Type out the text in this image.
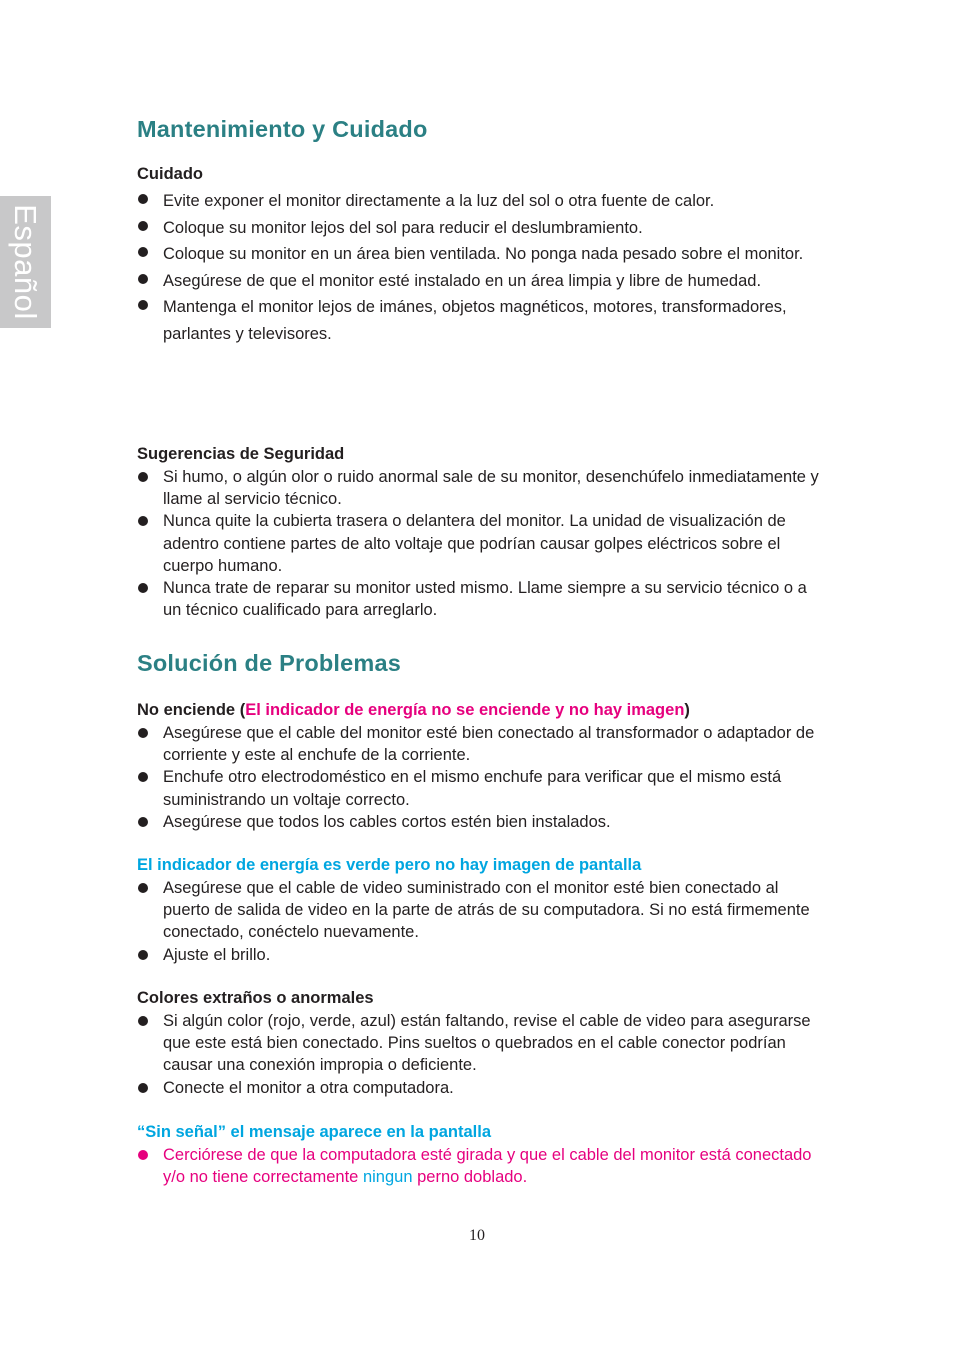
Español
Mantenimiento y Cuidado
Cuidado
Evite exponer el monitor directamente a la luz del sol o otra fuente de calor.
Coloque su monitor lejos del sol para reducir el deslumbramiento.
Coloque su monitor en un área bien ventilada. No ponga nada pesado sobre el monitor.
Asegúrese de que el monitor esté instalado en un área limpia y libre de humedad.
Mantenga el monitor lejos de imánes, objetos magnéticos, motores, transformadores, parlantes y televisores.
Sugerencias de Seguridad
Si humo, o algún olor o ruido anormal sale de su monitor, desenchúfelo inmediatamente y llame al servicio técnico.
Nunca quite la cubierta trasera o delantera del monitor. La unidad de visualización de adentro contiene partes de alto voltaje que podrían causar golpes eléctricos sobre el cuerpo humano.
Nunca trate de reparar su monitor usted mismo. Llame siempre a su servicio técnico o a un técnico cualificado para arreglarlo.
Solución de Problemas
No enciende (El indicador de energía no se enciende y no hay imagen)
Asegúrese que el cable del monitor esté bien conectado al transformador o adaptador de corriente y este al enchufe de la corriente.
Enchufe otro electrodoméstico en el mismo enchufe para verificar que el mismo está suministrando un voltaje correcto.
Asegúrese que todos los cables cortos estén bien instalados.
El indicador de energía es verde pero no hay imagen de pantalla
Asegúrese que el cable de video suministrado con el monitor esté bien conectado al puerto de salida de video en la parte de atrás de su computadora. Si no está firmemente conectado, conéctelo nuevamente.
Ajuste el brillo.
Colores extraños o anormales
Si algún color (rojo, verde, azul) están faltando, revise el cable de video para asegurarse que este está bien conectado. Pins sueltos o quebrados en el cable conector podrían causar una conexión impropia o deficiente.
Conecte el monitor a otra computadora.
“Sin señal” el mensaje aparece en la pantalla
Cerciórese de que la computadora esté girada y que el cable del monitor está conectado y/o no tiene correctamente ningun perno doblado.
10
